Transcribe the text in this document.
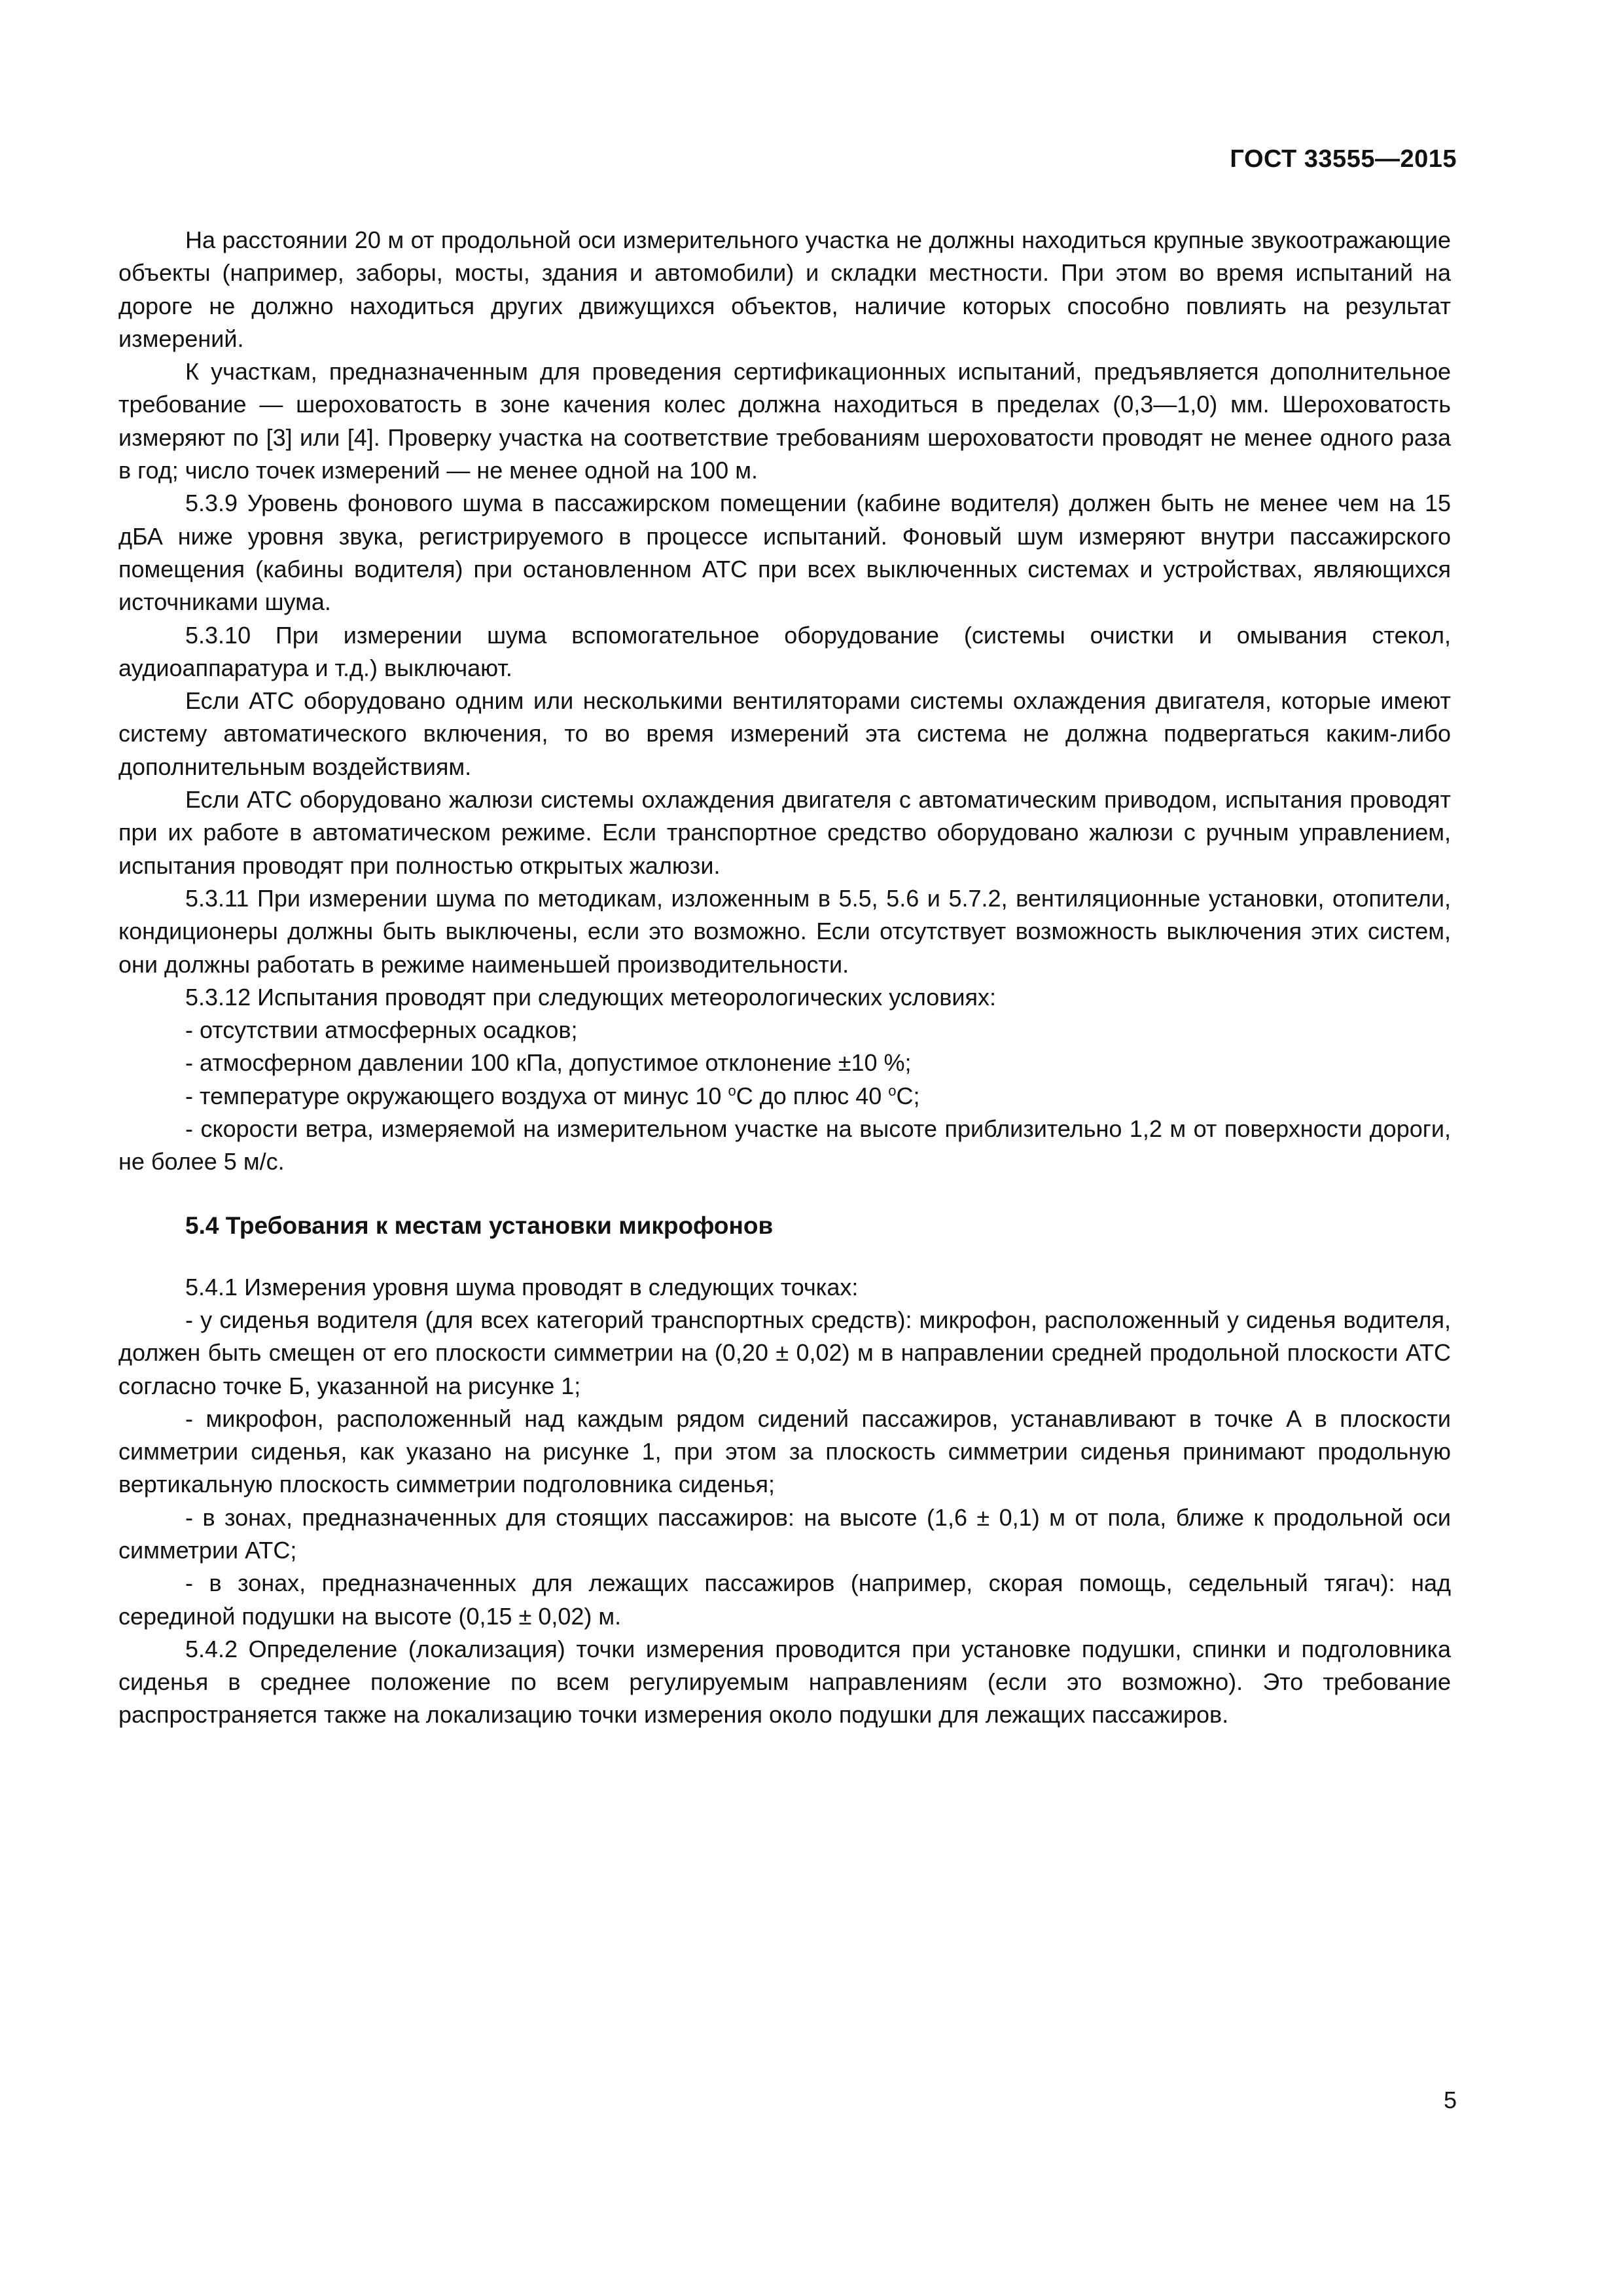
ГОСТ 33555—2015

На расстоянии 20 м от продольной оси измерительного участка не должны находиться крупные звукоотражающие объекты (например, заборы, мосты, здания и автомобили) и складки местности. При этом во время испытаний на дороге не должно находиться других движущихся объектов, наличие которых способно повлиять на результат измерений.

К участкам, предназначенным для проведения сертификационных испытаний, предъявляется дополнительное требование — шероховатость в зоне качения колес должна находиться в пределах (0,3—1,0) мм. Шероховатость измеряют по [3] или [4]. Проверку участка на соответствие требованиям шероховатости проводят не менее одного раза в год; число точек измерений — не менее одной на 100 м.

5.3.9 Уровень фонового шума в пассажирском помещении (кабине водителя) должен быть не менее чем на 15 дБА ниже уровня звука, регистрируемого в процессе испытаний. Фоновый шум измеряют внутри пассажирского помещения (кабины водителя) при остановленном АТС при всех выключенных системах и устройствах, являющихся источниками шума.

5.3.10 При измерении шума вспомогательное оборудование (системы очистки и омывания стекол, аудиоаппаратура и т.д.) выключают.

Если АТС оборудовано одним или несколькими вентиляторами системы охлаждения двигателя, которые имеют систему автоматического включения, то во время измерений эта система не должна подвергаться каким-либо дополнительным воздействиям.

Если АТС оборудовано жалюзи системы охлаждения двигателя с автоматическим приводом, испытания проводят при их работе в автоматическом режиме. Если транспортное средство оборудовано жалюзи с ручным управлением, испытания проводят при полностью открытых жалюзи.

5.3.11 При измерении шума по методикам, изложенным в 5.5, 5.6 и 5.7.2, вентиляционные установки, отопители, кондиционеры должны быть выключены, если это возможно. Если отсутствует возможность выключения этих систем, они должны работать в режиме наименьшей производительности.

5.3.12 Испытания проводят при следующих метеорологических условиях:

- отсутствии атмосферных осадков;

- атмосферном давлении 100 кПа, допустимое отклонение ±10 %;

- температуре окружающего воздуха от минус 10 $^о$С до плюс 40 $^о$С;

- скорости ветра, измеряемой на измерительном участке на высоте приблизительно 1,2 м от поверхности дороги, не более 5 м/с.

5.4 Требования к местам установки микрофонов

5.4.1 Измерения уровня шума проводят в следующих точках:

- у сиденья водителя (для всех категорий транспортных средств): микрофон, расположенный у сиденья водителя, должен быть смещен от его плоскости симметрии на (0,20 ± 0,02) м в направлении средней продольной плоскости АТС согласно точке Б, указанной на рисунке 1;

- микрофон, расположенный над каждым рядом сидений пассажиров, устанавливают в точке А в плоскости симметрии сиденья, как указано на рисунке 1, при этом за плоскость симметрии сиденья принимают продольную вертикальную плоскость симметрии подголовника сиденья;

- в зонах, предназначенных для стоящих пассажиров: на высоте (1,6 ± 0,1) м от пола, ближе к продольной оси симметрии АТС;

- в зонах, предназначенных для лежащих пассажиров (например, скорая помощь, седельный тягач): над серединой подушки на высоте (0,15 ± 0,02) м.

5.4.2 Определение (локализация) точки измерения проводится при установке подушки, спинки и подголовника сиденья в среднее положение по всем регулируемым направлениям (если это возможно). Это требование распространяется также на локализацию точки измерения около подушки для лежащих пассажиров.

5
